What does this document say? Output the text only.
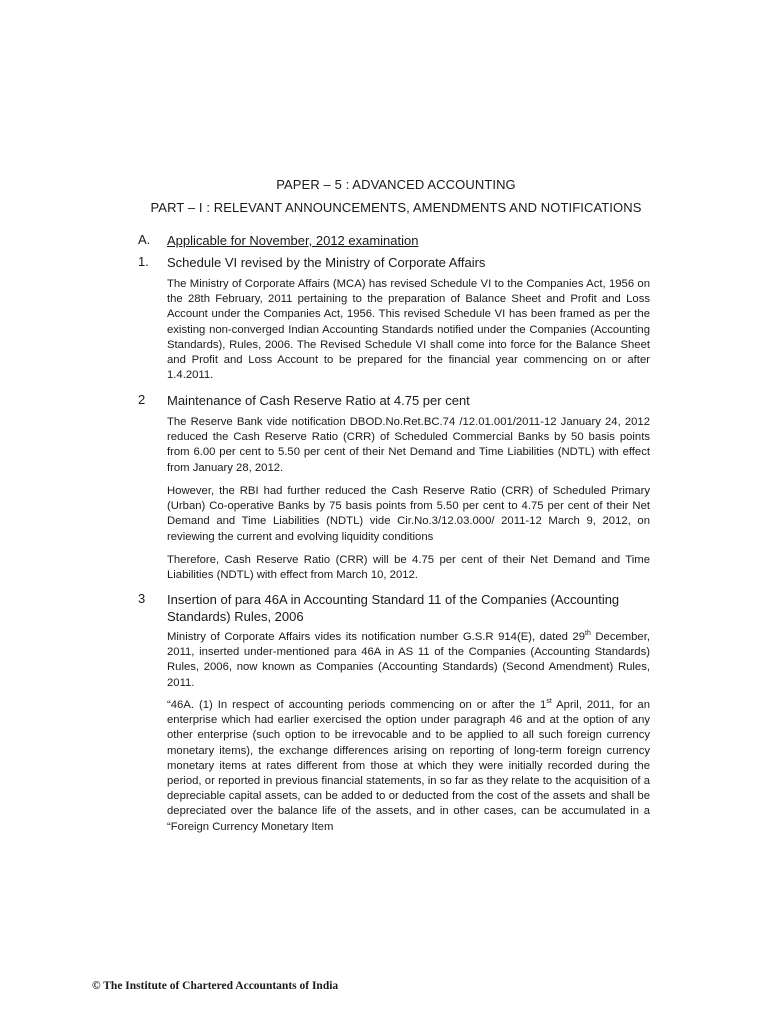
PAPER – 5 : ADVANCED ACCOUNTING
PART – I : RELEVANT ANNOUNCEMENTS, AMENDMENTS AND NOTIFICATIONS
A. Applicable for November, 2012 examination
1. Schedule VI revised by the Ministry of Corporate Affairs
The Ministry of Corporate Affairs (MCA) has revised Schedule VI to the Companies Act, 1956 on the 28th February, 2011 pertaining to the preparation of Balance Sheet and Profit and Loss Account under the Companies Act, 1956. This revised Schedule VI has been framed as per the existing non-converged Indian Accounting Standards notified under the Companies (Accounting Standards), Rules, 2006. The Revised Schedule VI shall come into force for the Balance Sheet and Profit and Loss Account to be prepared for the financial year commencing on or after 1.4.2011.
2 Maintenance of Cash Reserve Ratio at 4.75 per cent
The Reserve Bank vide notification DBOD.No.Ret.BC.74 /12.01.001/2011-12 January 24, 2012 reduced the Cash Reserve Ratio (CRR) of Scheduled Commercial Banks by 50 basis points from 6.00 per cent to 5.50 per cent of their Net Demand and Time Liabilities (NDTL) with effect from January 28, 2012.
However, the RBI had further reduced the Cash Reserve Ratio (CRR) of Scheduled Primary (Urban) Co-operative Banks by 75 basis points from 5.50 per cent to 4.75 per cent of their Net Demand and Time Liabilities (NDTL) vide Cir.No.3/12.03.000/ 2011-12 March 9, 2012, on reviewing the current and evolving liquidity conditions
Therefore, Cash Reserve Ratio (CRR) will be 4.75 per cent of their Net Demand and Time Liabilities (NDTL) with effect from March 10, 2012.
3 Insertion of para 46A in Accounting Standard 11 of the Companies (Accounting
Standards) Rules, 2006
Ministry of Corporate Affairs vides its notification number G.S.R 914(E), dated 29th December, 2011, inserted under-mentioned para 46A in AS 11 of the Companies (Accounting Standards) Rules, 2006, now known as Companies (Accounting Standards) (Second Amendment) Rules, 2011.
“46A. (1) In respect of accounting periods commencing on or after the 1st April, 2011, for an enterprise which had earlier exercised the option under paragraph 46 and at the option of any other enterprise (such option to be irrevocable and to be applied to all such foreign currency monetary items), the exchange differences arising on reporting of long-term foreign currency monetary items at rates different from those at which they were initially recorded during the period, or reported in previous financial statements, in so far as they relate to the acquisition of a depreciable capital assets, can be added to or deducted from the cost of the assets and shall be depreciated over the balance life of the assets, and in other cases, can be accumulated in a “Foreign Currency Monetary Item
© The Institute of Chartered Accountants of India
